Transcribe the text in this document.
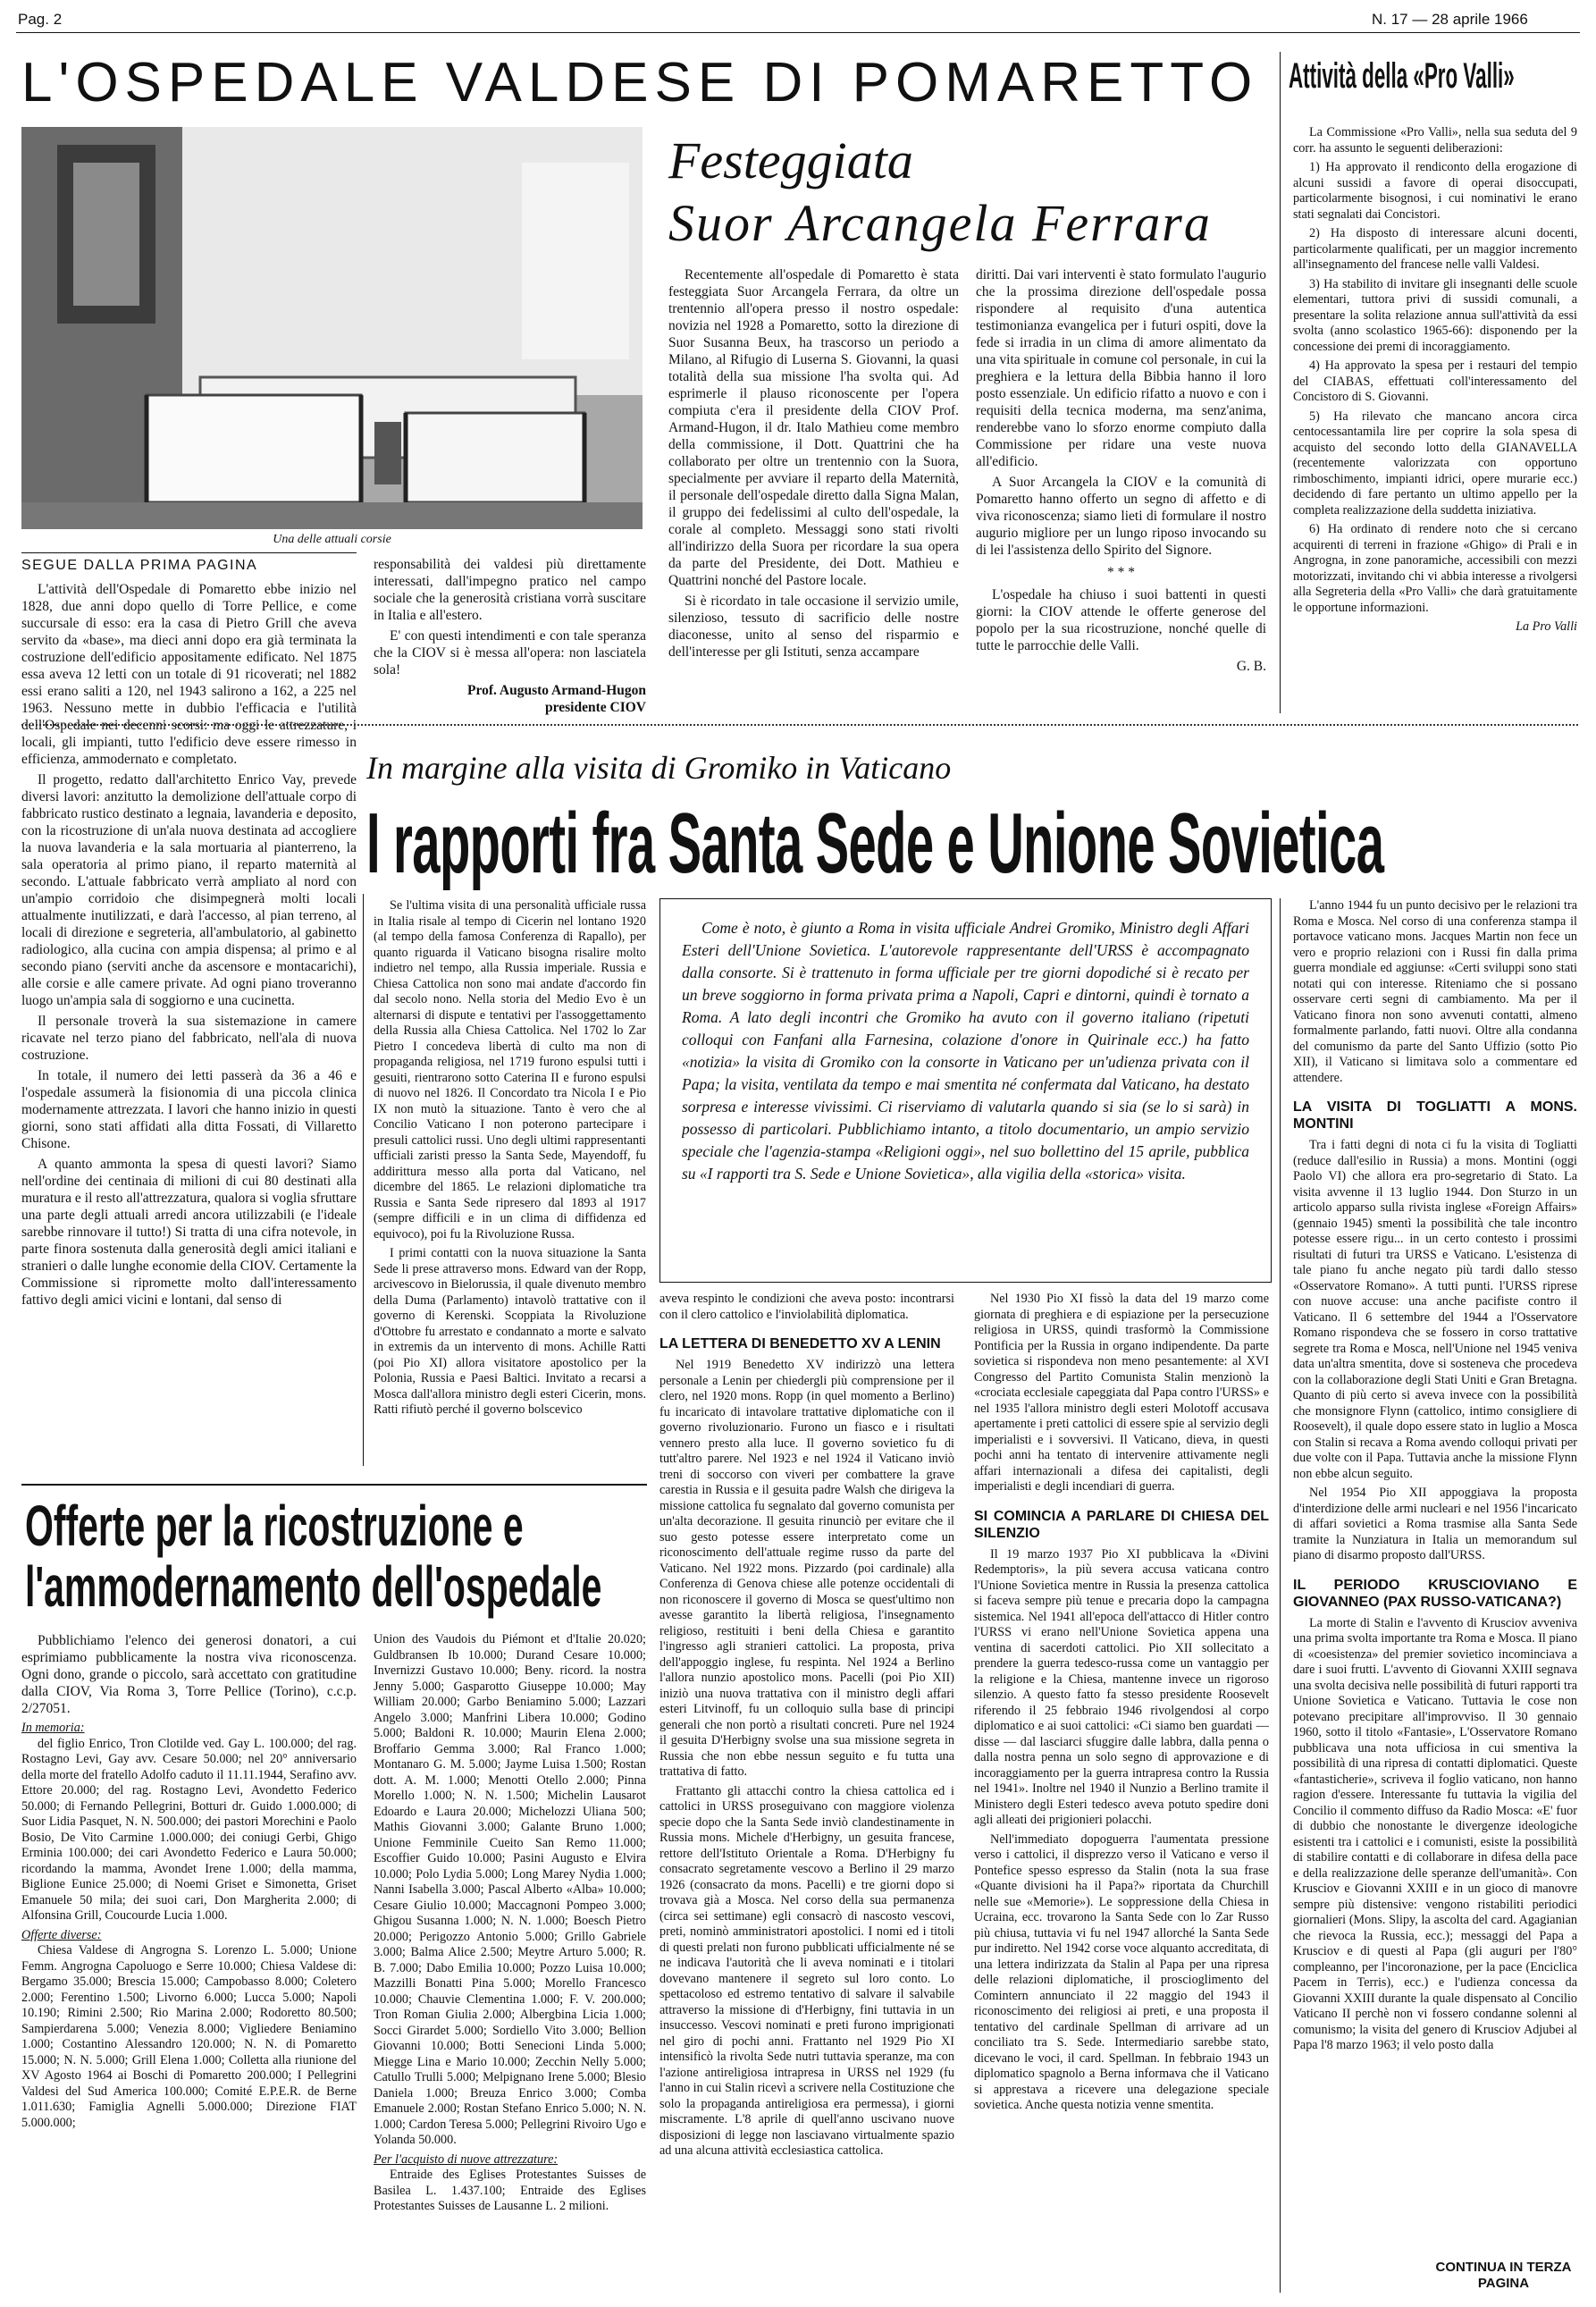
Pag. 2	N. 17 — 28 aprile 1966
L'OSPEDALE VALDESE DI POMARETTO
Una delle attuali corsie
Festeggiata
Suor Arcangela Ferrara

Recentemente all'ospedale di Pomaretto è stata festeggiata Suor Arcangela Ferrara, da oltre un trentennio all'opera presso il nostro ospedale: novizia nel 1928 a Pomaretto, sotto la direzione di Suor Susanna Beux, ha trascorso un periodo a Milano, al Rifugio di Luserna S. Giovanni, la quasi totalità della sua missione l'ha svolta qui. Ad esprimerle il plauso riconoscente per l'opera compiuta c'era il presidente della CIOV Prof. Armand-Hugon, il dr. Italo Mathieu come membro della commissione, il Dott. Quattrini che ha collaborato per oltre un trentennio con la Suora, specialmente per avviare il reparto della Maternità, il personale dell'ospedale diretto dalla Signa Malan, il gruppo dei fedelissimi al culto dell'ospedale, la corale al completo. Messaggi sono stati rivolti all'indirizzo della Suora per ricordare la sua opera da parte del Presidente, dei Dott. Mathieu e Quattrini nonché del Pastore locale.

Si è ricordato in tale occasione il servizio umile, silenzioso, tessuto di sacrificio delle nostre diaconesse, unito al senso del risparmio e dell'interesse per gli Istituti, senza accampare

diritti. Dai vari interventi è stato formulato l'augurio che la prossima direzione dell'ospedale possa rispondere al requisito d'una autentica testimonianza evangelica per i futuri ospiti, dove la fede si irradia in un clima di amore alimentato da una vita spirituale in comune col personale, in cui la preghiera e la lettura della Bibbia hanno il loro posto essenziale. Un edificio rifatto a nuovo e con i requisiti della tecnica moderna, ma senz'anima, renderebbe vano lo sforzo enorme compiuto dalla Commissione per ridare una veste nuova all'edificio.

A Suor Arcangela la CIOV e la comunità di Pomaretto hanno offerto un segno di affetto e di viva riconoscenza; siamo lieti di formulare il nostro augurio migliore per un lungo riposo invocando su di lei l'assistenza dello Spirito del Signore.

* * *

L'ospedale ha chiuso i suoi battenti in questi giorni: la CIOV attende le offerte generose del popolo per la sua ricostruzione, nonché quelle di tutte le parrocchie delle Valli.

G. B.

Attività della «Pro Valli»

La Commissione «Pro Valli», nella sua seduta del 9 corr. ha assunto le seguenti deliberazioni:

1) Ha approvato il rendiconto della erogazione di alcuni sussidi a favore di operai disoccupati, particolarmente bisognosi, i cui nominativi le erano stati segnalati dai Concistori.

2) Ha disposto di interessare alcuni docenti, particolarmente qualificati, per un maggior incremento all'insegnamento del francese nelle valli Valdesi.

3) Ha stabilito di invitare gli insegnanti delle scuole elementari, tuttora privi di sussidi comunali, a presentare la solita relazione annua sull'attività da essi svolta (anno scolastico 1965-66): disponendo per la concessione dei premi di incoraggiamento.

4) Ha approvato la spesa per i restauri del tempio del CIABAS, effettuati coll'interessamento del Concistoro di S. Giovanni.

5) Ha rilevato che mancano ancora circa centocessantamila lire per coprire la sola spesa di acquisto del secondo lotto della GIANAVELLA (recentemente valorizzata con opportuno rimboschimento, impianti idrici, opere murarie ecc.) decidendo di fare pertanto un ultimo appello per la completa realizzazione della suddetta iniziativa.

6) Ha ordinato di rendere noto che si cercano acquirenti di terreni in frazione «Ghigo» di Prali e in Angrogna, in zone panoramiche, accessibili con mezzi motorizzati, invitando chi vi abbia interesse a rivolgersi alla Segreteria della «Pro Valli» che darà gratuitamente le opportune informazioni.

La Pro Valli

SEGUE DALLA PRIMA PAGINA

L'attività dell'Ospedale di Pomaretto ebbe inizio nel 1828, due anni dopo quello di Torre Pellice, e come succursale di esso: era la casa di Pietro Grill che aveva servito da «base», ma dieci anni dopo era già terminata la costruzione dell'edificio appositamente edificato. Nel 1875 essa aveva 12 letti con un totale di 91 ricoverati; nel 1882 essi erano saliti a 120, nel 1943 salirono a 162, a 225 nel 1963. Nessuno mette in dubbio l'efficacia e l'utilità dell'Ospedale nei decenni scorsi: ma oggi le attrezzature, i locali, gli impianti, tutto l'edificio deve essere rimesso in efficienza, ammodernato e completato.

Il progetto, redatto dall'architetto Enrico Vay, prevede diversi lavori: anzitutto la demolizione dell'attuale corpo di fabbricato rustico destinato a legnaia, lavanderia e deposito, con la ricostruzione di un'ala nuova destinata ad accogliere la nuova lavanderia e la sala mortuaria al pianterreno, la sala operatoria al primo piano, il reparto maternità al secondo. L'attuale fabbricato verrà ampliato al nord con un'ampio corridoio che disimpegnerà molti locali attualmente inutilizzati, e darà l'accesso, al pian terreno, al locali di direzione e segreteria, all'ambulatorio, al gabinetto radiologico, alla cucina con ampia dispensa; al primo e al secondo piano (serviti anche da ascensore e montacarichi), alle corsie e alle camere private. Ad ogni piano troveranno luogo un'ampia sala di soggiorno e una cucinetta.

Il personale troverà la sua sistemazione in camere ricavate nel terzo piano del fabbricato, nell'ala di nuova costruzione.

In totale, il numero dei letti passerà da 36 a 46 e l'ospedale assumerà la fisionomia di una piccola clinica modernamente attrezzata. I lavori che hanno inizio in questi giorni, sono stati affidati alla ditta Fossati, di Villaretto Chisone.

A quanto ammonta la spesa di questi lavori? Siamo nell'ordine dei centinaia di milioni di cui 80 destinati alla muratura e il resto all'attrezzatura, qualora si voglia sfruttare una parte degli attuali arredi ancora utilizzabili (e l'ideale sarebbe rinnovare il tutto!) Si tratta di una cifra notevole, in parte finora sostenuta dalla generosità degli amici italiani e stranieri o dalle lunghe economie della CIOV. Certamente la Commissione si ripromette molto dall'interessamento fattivo degli amici vicini e lontani, dal senso di

responsabilità dei valdesi più direttamente interessati, dall'impegno pratico nel campo sociale che la generosità cristiana vorrà suscitare in Italia e all'estero.

E' con questi intendimenti e con tale speranza che la CIOV si è messa all'opera: non lasciatela sola!

Prof. Augusto Armand-Hugon
presidente CIOV
In margine alla visita di Gromiko in Vaticano
I rapporti fra Santa Sede e Unione Sovietica

Se l'ultima visita di una personalità ufficiale russa in Italia risale al tempo di Cicerin nel lontano 1920 (al tempo della famosa Conferenza di Rapallo), per quanto riguarda il Vaticano bisogna risalire molto indietro nel tempo, alla Russia imperiale. Russia e Chiesa Cattolica non sono mai andate d'accordo fin dal secolo nono. Nella storia del Medio Evo è un alternarsi di dispute e tentativi per l'assoggettamento della Russia alla Chiesa Cattolica. Nel 1702 lo Zar Pietro I concedeva libertà di culto ma non di propaganda religiosa, nel 1719 furono espulsi tutti i gesuiti, rientrarono sotto Caterina II e furono espulsi di nuovo nel 1826. Il Concordato tra Nicola I e Pio IX non mutò la situazione. Tanto è vero che al Concilio Vaticano I non poterono partecipare i presuli cattolici russi. Uno degli ultimi rappresentanti ufficiali zaristi presso la Santa Sede, Mayendoff, fu addirittura messo alla porta dal Vaticano, nel dicembre del 1865. Le relazioni diplomatiche tra Russia e Santa Sede ripresero dal 1893 al 1917 (sempre difficili e in un clima di diffidenza ed equivoco), poi fu la Rivoluzione Russa.

I primi contatti con la nuova situazione la Santa Sede li prese attraverso mons. Edward van der Ropp, arcivescovo in Bielorussia, il quale divenuto membro della Duma (Parlamento) intavolò trattative con il governo di Kerenski. Scoppiata la Rivoluzione d'Ottobre fu arrestato e condannato a morte e salvato in extremis da un intervento di mons. Achille Ratti (poi Pio XI) allora visitatore apostolico per la Polonia, Russia e Paesi Baltici. Invitato a recarsi a Mosca dall'allora ministro degli esteri Cicerin, mons. Ratti rifiutò perché il governo bolscevico

Come è noto, è giunto a Roma in visita ufficiale Andrei Gromiko, Ministro degli Affari Esteri dell'Unione Sovietica. L'autorevole rappresentante dell'URSS è accompagnato dalla consorte. Si è trattenuto in forma ufficiale per tre giorni dopodiché si è recato per un breve soggiorno in forma privata prima a Napoli, Capri e dintorni, quindi è tornato a Roma. A lato degli incontri che Gromiko ha avuto con il governo italiano (ripetuti colloqui con Fanfani alla Farnesina, colazione d'onore in Quirinale ecc.) ha fatto «notizia» la visita di Gromiko con la consorte in Vaticano per un'udienza privata con il Papa; la visita, ventilata da tempo e mai smentita né confermata dal Vaticano, ha destato sorpresa e interesse vivissimi. Ci riserviamo di valutarla quando si sia (se lo si sarà) in possesso di particolari. Pubblichiamo intanto, a titolo documentario, un ampio servizio speciale che l'agenzia-stampa «Religioni oggi», nel suo bollettino del 15 aprile, pubblica su «I rapporti tra S. Sede e Unione Sovietica», alla vigilia della «storica» visita.

aveva respinto le condizioni che aveva posto: incontrarsi con il clero cattolico e l'inviolabilità diplomatica.

LA LETTERA DI BENEDETTO XV A LENIN

Nel 1919 Benedetto XV indirizzò una lettera personale a Lenin per chiedergli più comprensione per il clero, nel 1920 mons. Ropp (in quel momento a Berlino) fu incaricato di intavolare trattative diplomatiche con il governo rivoluzionario. Furono un fiasco e i risultati vennero presto alla luce. Il governo sovietico fu di tutt'altro parere. Nel 1923 e nel 1924 il Vaticano inviò treni di soccorso con viveri per combattere la grave carestia in Russia e il gesuita padre Walsh che dirigeva la missione cattolica fu segnalato dal governo comunista per un'alta decorazione. Il gesuita rinunciò per evitare che il suo gesto potesse essere interpretato come un riconoscimento dell'attuale regime russo da parte del Vaticano. Nel 1922 mons. Pizzardo (poi cardinale) alla Conferenza di Genova chiese alle potenze occidentali di non riconoscere il governo di Mosca se quest'ultimo non avesse garantito la libertà religiosa, l'insegnamento religioso, restituiti i beni della Chiesa e garantito l'ingresso agli stranieri cattolici. La proposta, priva dell'appoggio inglese, fu respinta. Nel 1924 a Berlino l'allora nunzio apostolico mons. Pacelli (poi Pio XII) iniziò una nuova trattativa con il ministro degli affari esteri Litvinoff, fu un colloquio sulla base di principi generali che non portò a risultati concreti. Pure nel 1924 il gesuita D'Herbigny svolse una sua missione segreta in Russia che non ebbe nessun seguito e fu tutta una trattativa di fatto.

Frattanto gli attacchi contro la chiesa cattolica ed i cattolici in URSS proseguivano con maggiore violenza specie dopo che la Santa Sede inviò clandestinamente in Russia mons. Michele d'Herbigny, un gesuita francese, rettore dell'Istituto Orientale a Roma. D'Herbigny fu consacrato segretamente vescovo a Berlino il 29 marzo 1926 (consacrato da mons. Pacelli) e tre giorni dopo si trovava già a Mosca. Nel corso della sua permanenza (circa sei settimane) egli consacrò di nascosto vescovi, preti, nominò amministratori apostolici. I nomi ed i titoli di questi prelati non furono pubblicati ufficialmente né se ne indicava l'autorità che li aveva nominati e i titolari dovevano mantenere il segreto sul loro conto. Lo spettacoloso ed estremo tentativo di salvare il salvabile attraverso la missione di d'Herbigny, fini tuttavia in un insuccesso. Vescovi nominati e preti furono imprigionati nel giro di pochi anni. Frattanto nel 1929 Pio XI intensificò la rivolta Sede nutri tuttavia speranze, ma con l'azione antireligiosa intrapresa in URSS nel 1929 (fu l'anno in cui Stalin ricevì a scrivere nella Costituzione che solo la propaganda antireligiosa era permessa), i giorni miscramente. L'8 aprile di quell'anno uscivano nuove disposizioni di legge non lasciavano virtualmente spazio ad una alcuna attività ecclesiastica cattolica.

Nel 1930 Pio XI fissò la data del 19 marzo come giornata di preghiera e di espiazione per la persecuzione religiosa in URSS, quindi trasformò la Commissione Pontificia per la Russia in organo indipendente. Da parte sovietica si rispondeva non meno pesantemente: al XVI Congresso del Partito Comunista Stalin menzionò la «crociata ecclesiale capeggiata dal Papa contro l'URSS» e nel 1935 l'allora ministro degli esteri Molotoff accusava apertamente i preti cattolici di essere spie al servizio degli imperialisti e i sovversivi. Il Vaticano, dieva, in questi pochi anni ha tentato di intervenire attivamente negli affari internazionali a difesa dei capitalisti, degli imperialisti e degli incendiari di guerra.

SI COMINCIA A PARLARE DI CHIESA DEL SILENZIO

Il 19 marzo 1937 Pio XI pubblicava la «Divini Redemptoris», la più severa accusa vaticana contro l'Unione Sovietica mentre in Russia la presenza cattolica si faceva sempre più tenue e precaria dopo la campagna sistemica. Nel 1941 all'epoca dell'attacco di Hitler contro l'URSS vi erano nell'Unione Sovietica appena una ventina di sacerdoti cattolici. Pio XII sollecitato a prendere la guerra tedesco-russa come un vantaggio per la religione e la Chiesa, mantenne invece un rigoroso silenzio. A questo fatto fa stesso presidente Roosevelt riferendo il 25 febbraio 1946 rivolgendosi al corpo diplomatico e ai suoi cattolici: «Ci siamo ben guardati — disse — dal lasciarci sfuggire dalle labbra, dalla penna o dalla nostra penna un solo segno di approvazione e di incoraggiamento per la guerra intrapresa contro la Russia nel 1941». Inoltre nel 1940 il Nunzio a Berlino tramite il Ministero degli Esteri tedesco aveva potuto spedire doni agli alleati dei prigionieri polacchi.

Nell'immediato dopoguerra l'aumentata pressione verso i cattolici, il disprezzo verso il Vaticano e verso il Pontefice spesso espresso da Stalin (nota la sua frase «Quante divisioni ha il Papa?» riportata da Churchill nelle sue «Memorie»). Le soppressione della Chiesa in Ucraina, ecc. trovarono la Santa Sede con lo Zar Russo più chiusa, tuttavia vi fu nel 1947 allorché la Santa Sede pur indiretto. Nel 1942 corse voce alquanto accreditata, di una lettera indirizzata da Stalin al Papa per una ripresa delle relazioni diplomatiche, il proscioglimento del Comintern annunciato il 22 maggio del 1943 il riconoscimento dei religiosi ai preti, e una proposta il tentativo del cardinale Spellman di arrivare ad un conciliato tra S. Sede. Intermediario sarebbe stato, dicevano le voci, il card. Spellman. In febbraio 1943 un diplomatico spagnolo a Berna informava che il Vaticano si apprestava a ricevere una delegazione speciale sovietica. Anche questa notizia venne smentita.

L'anno 1944 fu un punto decisivo per le relazioni tra Roma e Mosca. Nel corso di una conferenza stampa il portavoce vaticano mons. Jacques Martin non fece un vero e proprio relazioni con i Russi fin dalla prima guerra mondiale ed aggiunse: «Certi sviluppi sono stati notati qui con interesse. Riteniamo che si possano osservare certi segni di cambiamento. Ma per il Vaticano finora non sono avvenuti contatti, almeno formalmente parlando, fatti nuovi. Oltre alla condanna del comunismo da parte del Santo Uffizio (sotto Pio XII), il Vaticano si limitava solo a commentare ed attendere.

LA VISITA DI TOGLIATTI A MONS. MONTINI

Tra i fatti degni di nota ci fu la visita di Togliatti (reduce dall'esilio in Russia) a mons. Montini (oggi Paolo VI) che allora era pro-segretario di Stato. La visita avvenne il 13 luglio 1944. Don Sturzo in un articolo apparso sulla rivista inglese «Foreign Affairs» (gennaio 1945) smentì la possibilità che tale incontro potesse essere rigu... in un certo contesto i prossimi risultati di futuri tra URSS e Vaticano. L'esistenza di tale piano fu anche negato più tardi dallo stesso «Osservatore Romano». A tutti punti. l'URSS riprese con nuove accuse: una anche pacifiste contro il Vaticano. Il 6 settembre del 1944 a l'Osservatore Romano rispondeva che se fossero in corso trattative segrete tra Roma e Mosca, nell'Unione nel 1945 veniva data un'altra smentita, dove si sosteneva che procedeva con la collaborazione degli Stati Uniti e Gran Bretagna. Quanto di più certo si aveva invece con la possibilità che monsignore Flynn (cattolico, intimo consigliere di Roosevelt), il quale dopo essere stato in luglio a Mosca con Stalin si recava a Roma avendo colloqui privati per due volte con il Papa. Tuttavia anche la missione Flynn non ebbe alcun seguito.

Nel 1954 Pio XII appoggiava la proposta d'interdizione delle armi nucleari e nel 1956 l'incaricato di affari sovietici a Roma trasmise alla Santa Sede tramite la Nunziatura in Italia un memorandum sul piano di disarmo proposto dall'URSS.

IL PERIODO KRUSCIOVIANO E GIOVANNEO (PAX RUSSO-VATICANA?)

La morte di Stalin e l'avvento di Krusciov avveniva una prima svolta importante tra Roma e Mosca. Il piano di «coesistenza» del premier sovietico incominciava a dare i suoi frutti. L'avvento di Giovanni XXIII segnava una svolta decisiva nelle possibilità di futuri rapporti tra Unione Sovietica e Vaticano. Tuttavia le cose non potevano precipitare all'improvviso. Il 30 gennaio 1960, sotto il titolo «Fantasie», L'Osservatore Romano pubblicava una nota ufficiosa in cui smentiva la possibilità di una ripresa di contatti diplomatici. Queste «fantasticherie», scriveva il foglio vaticano, non hanno ragion d'essere. Interessante fu tuttavia la vigilia del Concilio il commento diffuso da Radio Mosca: «E' fuor di dubbio che nonostante le divergenze ideologiche esistenti tra i cattolici e i comunisti, esiste la possibilità di stabilire contatti e di collaborare in difesa della pace e della realizzazione delle speranze dell'umanità». Con Krusciov e Giovanni XXIII e in un gioco di manovre sempre più distensive: vengono ristabiliti periodici giornalieri (Mons. Slipy, la ascolta del card. Agagianian che rievoca la Russia, ecc.); messaggi del Papa a Krusciov e di questi al Papa (gli auguri per l'80° compleanno, per l'incoronazione, per la pace (Enciclica Pacem in Terris), ecc.) e l'udienza concessa da Giovanni XXIII durante la quale dispensato al Concilio Vaticano II perchè non vi fossero condanne solenni al comunismo; la visita del genero di Krusciov Adjubei al Papa l'8 marzo 1963; il velo posto dalla

CONTINUA IN TERZA PAGINA
Offerte per la ricostruzione e
l'ammodernamento dell'ospedale

Pubblichiamo l'elenco dei generosi donatori, a cui esprimiamo pubblicamente la nostra viva riconoscenza. Ogni dono, grande o piccolo, sarà accettato con gratitudine dalla CIOV, Via Roma 3, Torre Pellice (Torino), c.c.p. 2/27051.

In memoria:

del figlio Enrico, Tron Clotilde ved. Gay L. 100.000; del rag. Rostagno Levi, Gay avv. Cesare 50.000; nel 20° anniversario della morte del fratello Adolfo caduto il 11.11.1944, Serafino avv. Ettore 20.000; del rag. Rostagno Levi, Avondetto Federico 50.000; di Fernando Pellegrini, Botturi dr. Guido 1.000.000; di Suor Lidia Pasquet, N. N. 500.000; dei pastori Morechini e Paolo Bosio, De Vito Carmine 1.000.000; dei coniugi Gerbi, Ghigo Erminia 100.000; dei cari Avondetto Federico e Laura 50.000; ricordando la mamma, Avondet Irene 1.000; della mamma, Biglione Eunice 25.000; di Noemi Griset e Simonetta, Griset Emanuele 50 mila; dei suoi cari, Don Margherita 2.000; di Alfonsina Grill, Coucourde Lucia 1.000.

Offerte diverse:

Chiesa Valdese di Angrogna S. Lorenzo L. 5.000; Unione Femm. Angrogna Capoluogo e Serre 10.000; Chiesa Valdese di: Bergamo 35.000; Brescia 15.000; Campobasso 8.000; Coletero 2.000; Ferentino 1.500; Livorno 6.000; Lucca 5.000; Napoli 10.190; Rimini 2.500; Rio Marina 2.000; Rodoretto 80.500; Sampierdarena 5.000; Venezia 8.000; Vigliedere Beniamino 1.000; Costantino Alessandro 120.000; N. N. di Pomaretto 15.000; N. N. 5.000; Grill Elena 1.000; Colletta alla riunione del XV Agosto 1964 ai Boschi di Pomaretto 200.000; I Pellegrini Valdesi del Sud America 100.000; Comité E.P.E.R. de Berne 1.011.630; Famiglia Agnelli 5.000.000; Direzione FIAT 5.000.000;

Union des Vaudois du Piémont et d'Italie 20.020; Guldbransen Ib 10.000; Durand Cesare 10.000; Invernizzi Gustavo 10.000; Beny. ricord. la nostra Jenny 5.000; Gasparotto Giuseppe 10.000; May William 20.000; Garbo Beniamino 5.000; Lazzari Angelo 3.000; Manfrini Libera 10.000; Godino 5.000; Baldoni R. 10.000; Maurin Elena 2.000; Broffario Gemma 3.000; Ral Franco 1.000; Montanaro G. M. 5.000; Jayme Luisa 1.500; Rostan dott. A. M. 1.000; Menotti Otello 2.000; Pinna Morello 1.000; N. N. 1.500; Michelin Lausarot Edoardo e Laura 20.000; Michelozzi Uliana 500; Mathis Giovanni 3.000; Galante Bruno 1.000; Unione Femminile Cueito San Remo 11.000; Escoffier Guido 10.000; Pasini Augusto e Elvira 10.000; Polo Lydia 5.000; Long Marey Nydia 1.000; Nanni Isabella 3.000; Pascal Alberto «Alba» 10.000; Cesare Giulio 10.000; Maccagnoni Pompeo 3.000; Ghigou Susanna 1.000; N. N. 1.000; Boesch Pietro 20.000; Perigozzo Antonio 5.000; Grillo Gabriele 3.000; Balma Alice 2.500; Meytre Arturo 5.000; R. B. 7.000; Dabo Emilia 10.000; Pozzo Luisa 10.000; Mazzilli Bonatti Pina 5.000; Morello Francesco 10.000; Chauvie Clementina 1.000; F. V. 200.000; Tron Roman Giulia 2.000; Albergbina Licia 1.000; Socci Girardet 5.000; Sordiello Vito 3.000; Bellion Giovanni 10.000; Botti Senecioni Linda 5.000; Miegge Lina e Mario 10.000; Zecchin Nelly 5.000; Catullo Trulli 5.000; Melpignano Irene 5.000; Blesio Daniela 1.000; Breuza Enrico 3.000; Comba Emanuele 2.000; Rostan Stefano Enrico 5.000; N. N. 1.000; Cardon Teresa 5.000; Pellegrini Rivoiro Ugo e Yolanda 50.000.

Per l'acquisto di nuove attrezzature:

Entraide des Eglises Protestantes Suisses de Basilea L. 1.437.100; Entraide des Eglises Protestantes Suisses de Lausanne L. 2 milioni.
